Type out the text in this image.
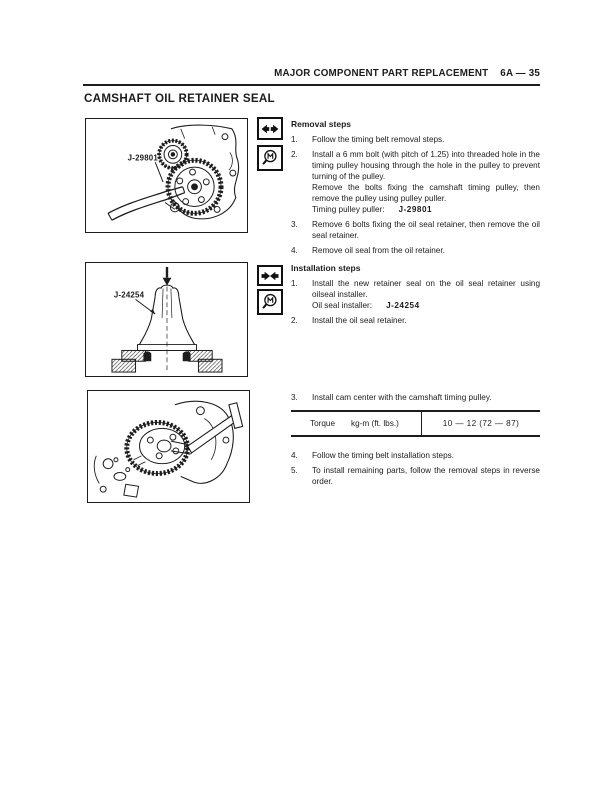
MAJOR COMPONENT PART REPLACEMENT 6A — 35
CAMSHAFT OIL RETAINER SEAL
J-29801
J-24254
Removal steps
1.	Follow the timing belt removal steps.
2.	Install a 6 mm bolt (with pitch of 1.25) into threaded hole in the timing pulley housing through the hole in the pulley to prevent turning of the pulley.
Remove the bolts fixing the camshaft timing pulley, then remove the pulley using pulley puller.
Timing pulley puller: J-29801
3.	Remove 6 bolts fixing the oil seal retainer, then remove the oil seal retainer.
4.	Remove oil seal from the oil retainer.
Installation steps
1.	Install the new retainer seal on the oil seal retainer using oilseal installer.
Oil seal installer: J-24254
2.	Install the oil seal retainer.
3.	Install cam center with the camshaft timing pulley.
Torque kg-m (ft. lbs.)	10 — 12 (72 — 87)
4.	Follow the timing belt installation steps.
5.	To install remaining parts, follow the removal steps in reverse order.
